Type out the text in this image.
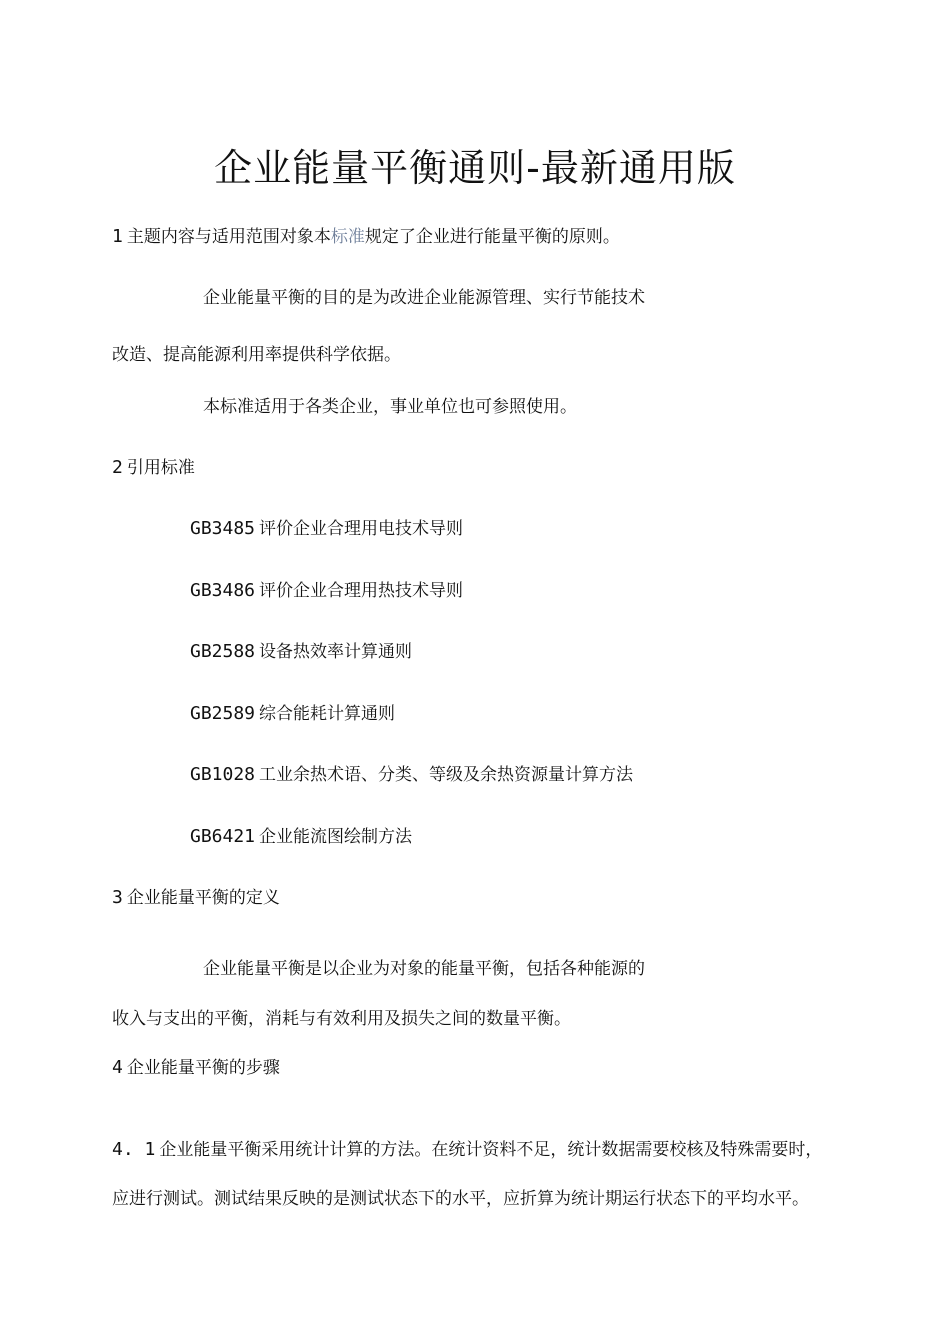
企业能量平衡通则-最新通用版
1 主题内容与适用范围对象本标准规定了企业进行能量平衡的原则。
企业能量平衡的目的是为改进企业能源管理、实行节能技术
改造、提高能源利用率提供科学依据。
本标准适用于各类企业，事业单位也可参照使用。
2 引用标准
GB3485 评价企业合理用电技术导则
GB3486 评价企业合理用热技术导则
GB2588 设备热效率计算通则
GB2589 综合能耗计算通则
GB1028 工业余热术语、分类、等级及余热资源量计算方法
GB6421 企业能流图绘制方法
3 企业能量平衡的定义
企业能量平衡是以企业为对象的能量平衡，包括各种能源的
收入与支出的平衡，消耗与有效利用及损失之间的数量平衡。
4 企业能量平衡的步骤
4. 1 企业能量平衡采用统计计算的方法。在统计资料不足，统计数据需要校核及特殊需要时，
应进行测试。测试结果反映的是测试状态下的水平，应折算为统计期运行状态下的平均水平。
